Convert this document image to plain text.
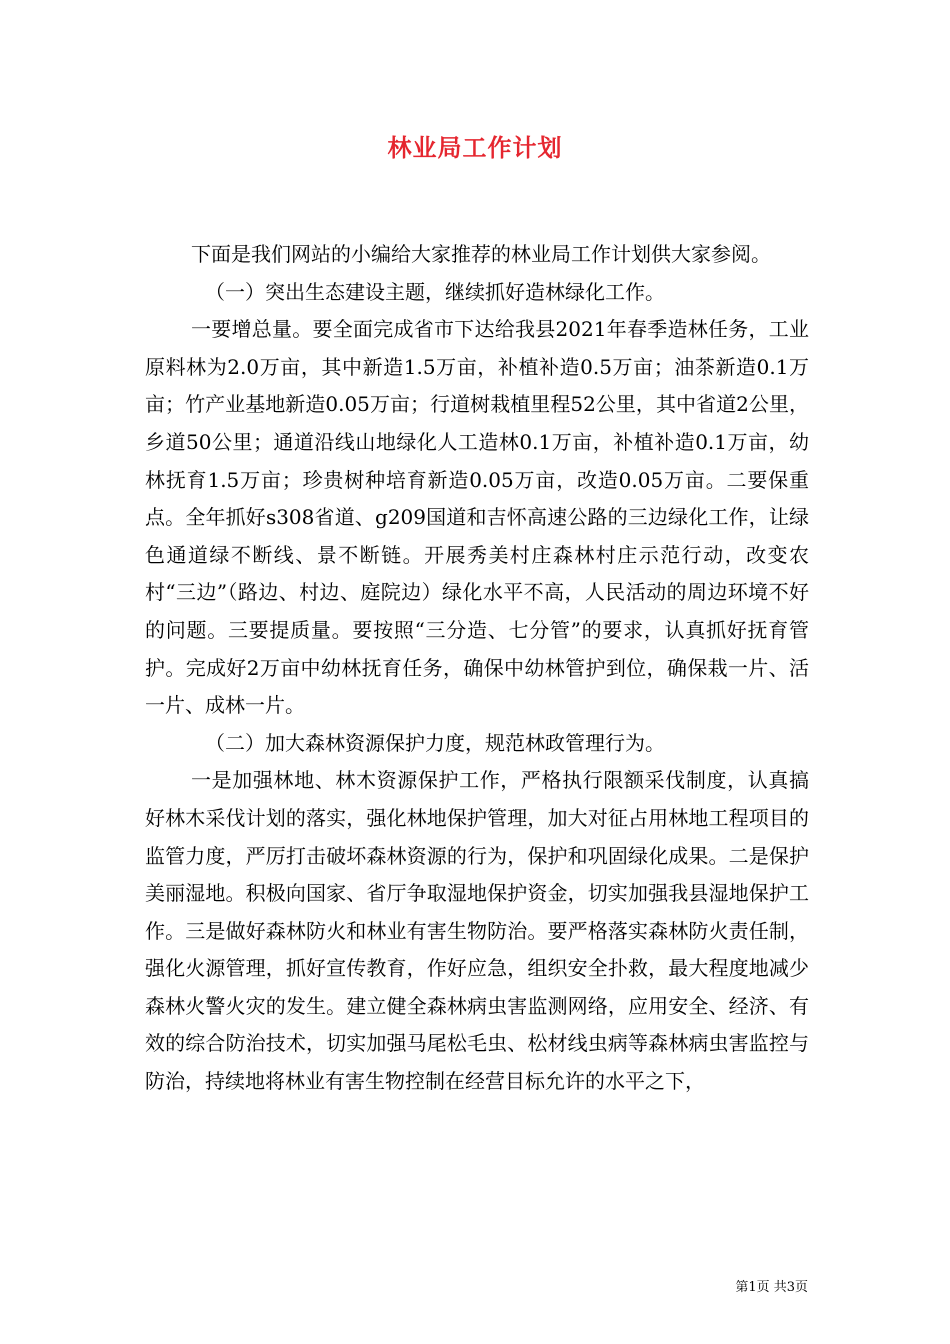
林业局工作计划

下面是我们网站的小编给大家推荐的林业局工作计划供大家参阅。

（一）突出生态建设主题，继续抓好造林绿化工作。

一要增总量。要全面完成省市下达给我县2021年春季造林任务，工业原料林为2.0万亩，其中新造1.5万亩，补植补造0.5万亩；油茶新造0.1万亩；竹产业基地新造0.05万亩；行道树栽植里程52公里，其中省道2公里，乡道50公里；通道沿线山地绿化人工造林0.1万亩，补植补造0.1万亩，幼林抚育1.5万亩；珍贵树种培育新造0.05万亩，改造0.05万亩。二要保重点。全年抓好s308省道、g209国道和吉怀高速公路的三边绿化工作，让绿色通道绿不断线、景不断链。开展秀美村庄森林村庄示范行动，改变农村“三边”（路边、村边、庭院边）绿化水平不高，人民活动的周边环境不好的问题。三要提质量。要按照“三分造、七分管”的要求，认真抓好抚育管护。完成好2万亩中幼林抚育任务，确保中幼林管护到位，确保栽一片、活一片、成林一片。

（二）加大森林资源保护力度，规范林政管理行为。

一是加强林地、林木资源保护工作，严格执行限额采伐制度，认真搞好林木采伐计划的落实，强化林地保护管理，加大对征占用林地工程项目的监管力度，严厉打击破坏森林资源的行为，保护和巩固绿化成果。二是保护美丽湿地。积极向国家、省厅争取湿地保护资金，切实加强我县湿地保护工作。三是做好森林防火和林业有害生物防治。要严格落实森林防火责任制，强化火源管理，抓好宣传教育，作好应急，组织安全扑救，最大程度地减少森林火警火灾的发生。建立健全森林病虫害监测网络，应用安全、经济、有效的综合防治技术，切实加强马尾松毛虫、松材线虫病等森林病虫害监控与防治，持续地将林业有害生物控制在经营目标允许的水平之下，

第1页 共3页
